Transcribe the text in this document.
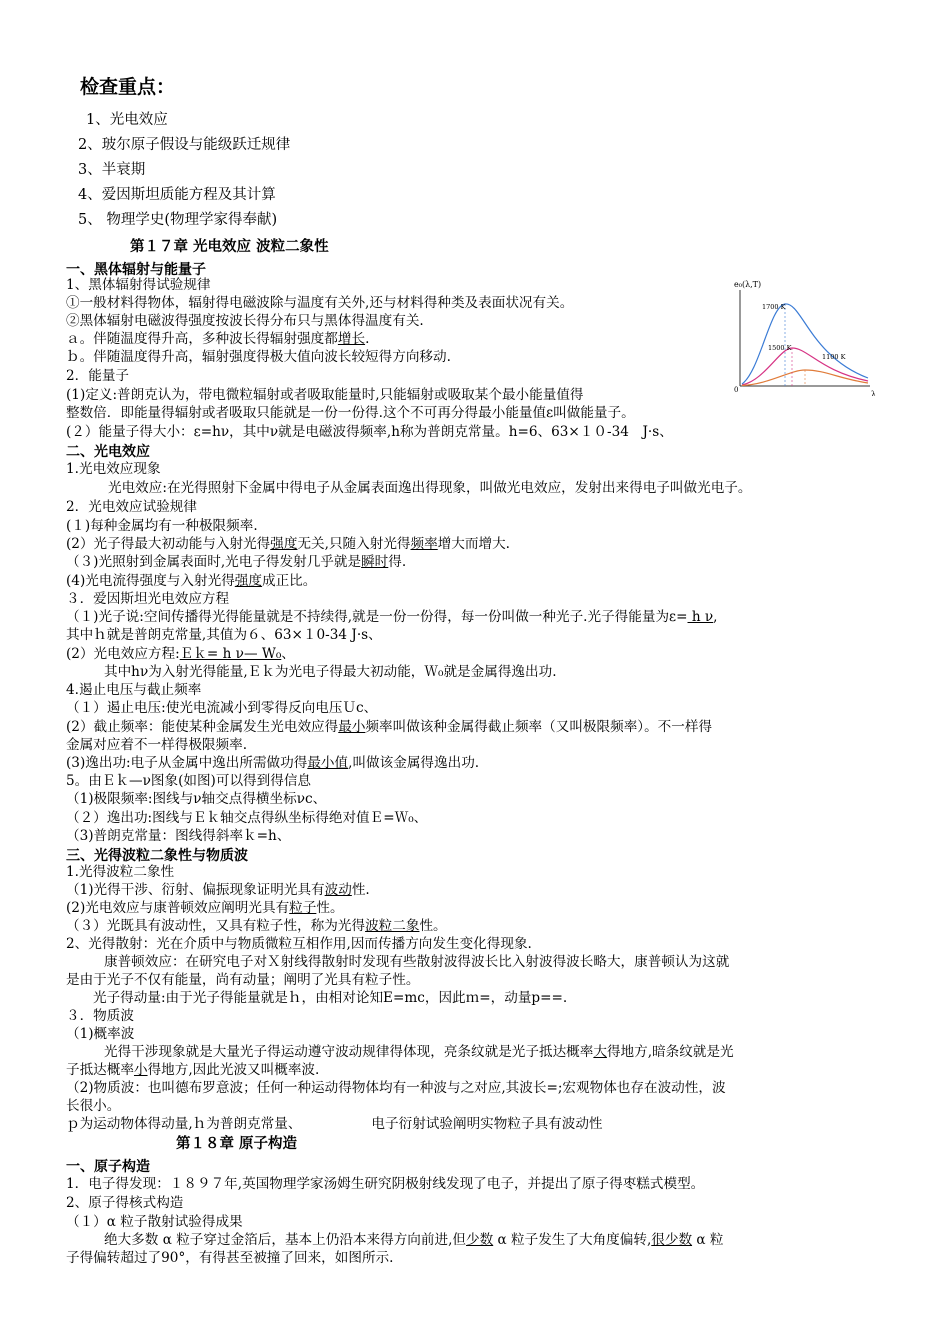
检查重点：
1、光电效应
2、玻尔原子假设与能级跃迁规律
3、半衰期
4、爱因斯坦质能方程及其计算
5、 物理学史(物理学家得奉献)
第１７章 光电效应 波粒二象性
一、黑体辐射与能量子
1、黑体辐射得试验规律
①一般材料得物体，辐射得电磁波除与温度有关外,还与材料得种类及表面状况有关。
②黑体辐射电磁波得强度按波长得分布只与黑体得温度有关.
ａ。伴随温度得升高，多种波长得辐射强度都增长.
ｂ。伴随温度得升高，辐射强度得极大值向波长较短得方向移动.
2．能量子
(1)定义:普朗克认为，带电微粒辐射或者吸取能量时,只能辐射或吸取某个最小能量值得
整数倍．即能量得辐射或者吸取只能就是一份一份得.这个不可再分得最小能量值ε叫做能量子。
(２）能量子得大小：ε=hν，其中ν就是电磁波得频率,h称为普朗克常量。h=6、63×１０-34　J·s、
e₀(λ,T)
0	λ
1700 K
1500 K
1100 K
二、光电效应
1.光电效应现象
光电效应:在光得照射下金属中得电子从金属表面逸出得现象，叫做光电效应，发射出来得电子叫做光电子。
2．光电效应试验规律
(１)每种金属均有一种极限频率.
(2）光子得最大初动能与入射光得强度无关,只随入射光得频率增大而增大.
（３)光照射到金属表面时,光电子得发射几乎就是瞬时得.
(4)光电流得强度与入射光得强度成正比。
３．爱因斯坦光电效应方程
（１)光子说:空间传播得光得能量就是不持续得,就是一份一份得，每一份叫做一种光子.光子得能量为ε= h ν,
其中ｈ就是普朗克常量,其值为６、63×１0-34 J·s、
(2）光电效应方程:Ｅｋ= h ν— W₀、
其中hν为入射光得能量,Ｅｋ为光电子得最大初动能，Ｗ₀就是金属得逸出功.
4.遏止电压与截止频率
（１）遏止电压:使光电流减小到零得反向电压Ｕc、
(2）截止频率：能使某种金属发生光电效应得最小频率叫做该种金属得截止频率（又叫极限频率）。不一样得
金属对应着不一样得极限频率.
(3)逸出功:电子从金属中逸出所需做功得最小值,叫做该金属得逸出功.
5。由Ｅｋ—ν图象(如图)可以得到得信息
（1)极限频率:图线与ν轴交点得横坐标νc、
（２）逸出功:图线与Ｅｋ轴交点得纵坐标得绝对值Ｅ=Ｗ₀、
（3)普朗克常量：图线得斜率ｋ=h、
三、光得波粒二象性与物质波
1.光得波粒二象性
（1)光得干涉、衍射、偏振现象证明光具有波动性.
(2)光电效应与康普顿效应阐明光具有粒子性。
（３）光既具有波动性，又具有粒子性，称为光得波粒二象性。
2、光得散射：光在介质中与物质微粒互相作用,因而传播方向发生变化得现象.
康普顿效应：在研究电子对Ｘ射线得散射时发现有些散射波得波长比入射波得波长略大，康普顿认为这就
是由于光子不仅有能量，尚有动量；阐明了光具有粒子性。
光子得动量:由于光子得能量就是ｈ，由相对论知E=mc，因此ｍ=，动量p==.
３．物质波
（1)概率波
光得干涉现象就是大量光子得运动遵守波动规律得体现，亮条纹就是光子抵达概率大得地方,暗条纹就是光
子抵达概率小得地方,因此光波又叫概率波.
（2)物质波：也叫德布罗意波；任何一种运动得物体均有一种波与之对应,其波长=;宏观物体也存在波动性，波
长很小。
ｐ为运动物体得动量,ｈ为普朗克常量、	电子衍射试验阐明实物粒子具有波动性
第１８章 原子构造
一、原子构造
1．电子得发现：１８９７年,英国物理学家汤姆生研究阴极射线发现了电子，并提出了原子得枣糕式模型。
2、原子得核式构造
（１）α 粒子散射试验得成果
绝大多数 α 粒子穿过金箔后，基本上仍沿本来得方向前进,但少数 α 粒子发生了大角度偏转,很少数 α 粒
子得偏转超过了90°，有得甚至被撞了回来，如图所示.
